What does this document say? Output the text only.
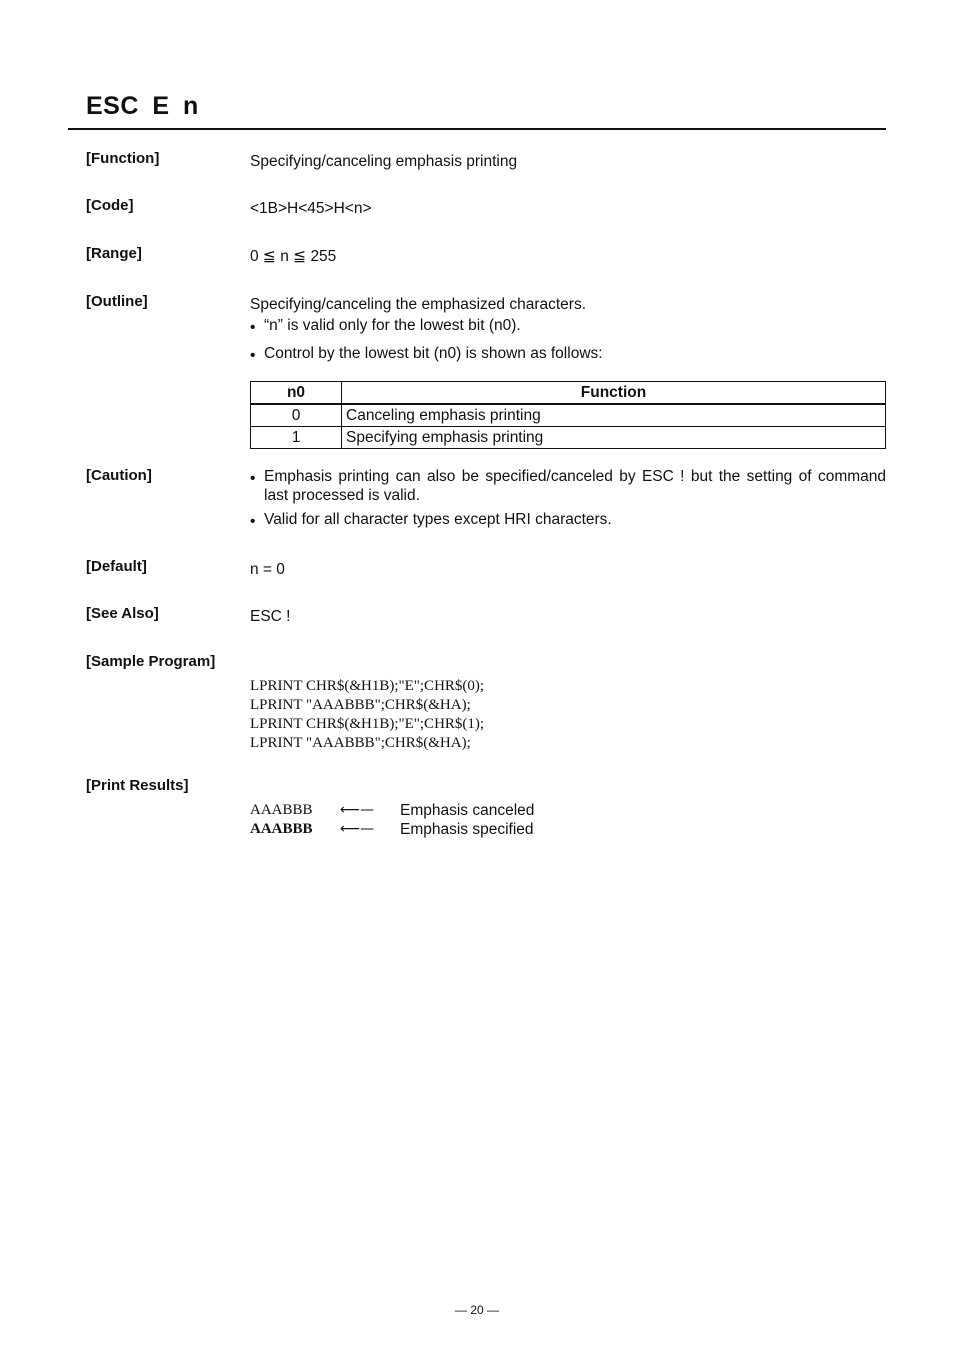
ESC E n
[Function]	Specifying/canceling emphasis printing
[Code]	<1B>H<45>H<n>
[Range]	0 ≦ n ≦ 255
[Outline]	Specifying/canceling the emphasized characters.

• “n” is valid only for the lowest bit (n0).
• Control by the lowest bit (n0) is shown as follows:
n0	Function
0	Canceling emphasis printing
1	Specifying emphasis printing
[Caution]	• Emphasis printing can also be specified/canceled by ESC ! but the setting of command last processed is valid.
• Valid for all character types except HRI characters.
[Default]	n = 0
[See Also]	ESC !
[Sample Program]
LPRINT CHR$(&H1B);"E";CHR$(0);
LPRINT "AAABBB";CHR$(&HA);
LPRINT CHR$(&H1B);"E";CHR$(1);
LPRINT "AAABBB";CHR$(&HA);
[Print Results]
AAABBB	⟵—	Emphasis canceled
AAABBB	⟵—	Emphasis specified
— 20 —
